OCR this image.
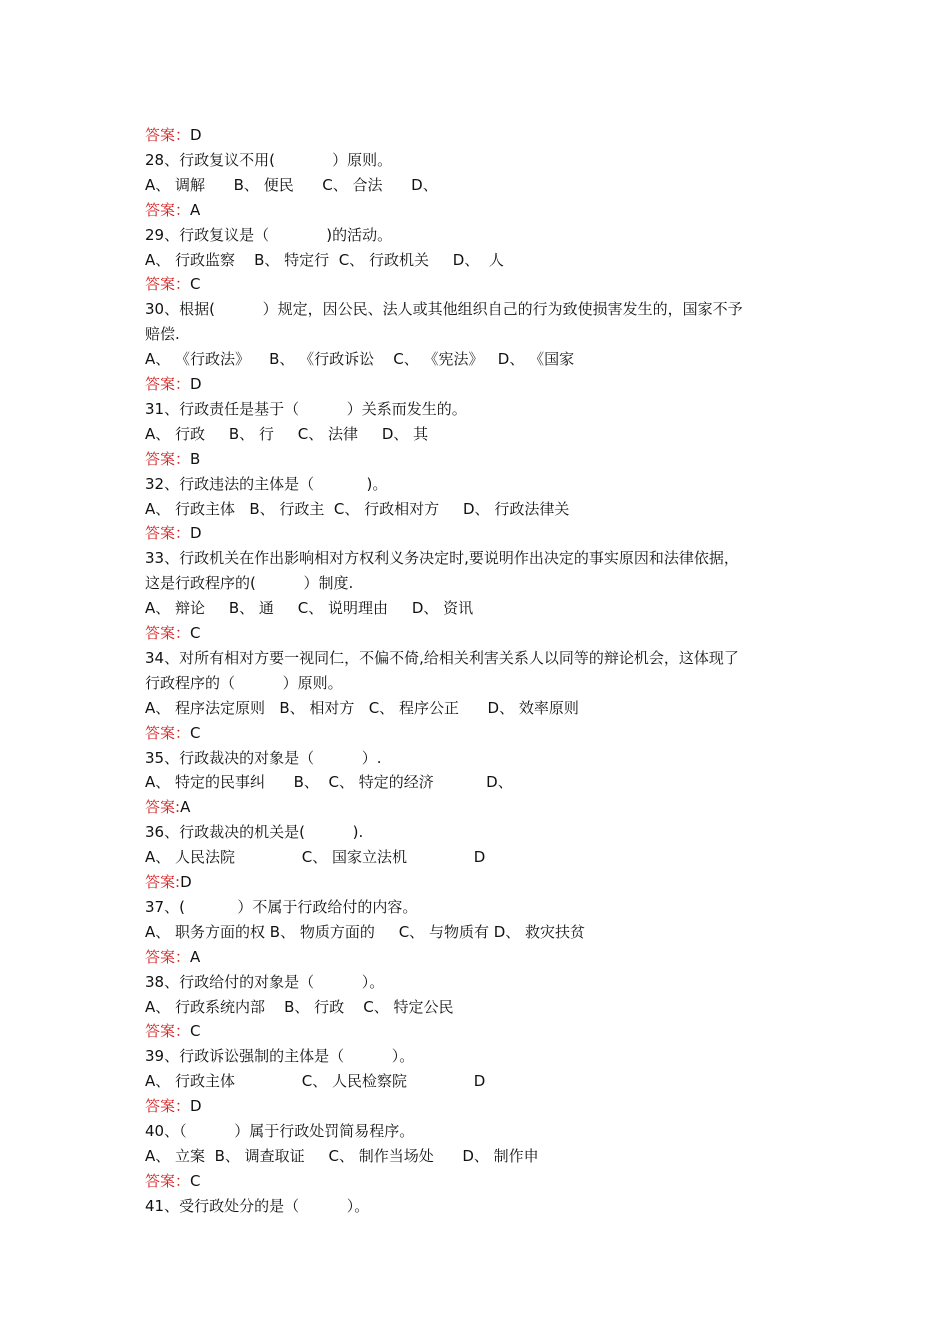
答案：D
28、行政复议不用(            ）原则。
A、 调解      B、 便民      C、 合法      D、
答案：A
29、行政复议是（            )的活动。
A、 行政监察    B、 特定行  C、 行政机关     D、  人
答案：C
30、根据(          ）规定，因公民、法人或其他组织自己的行为致使损害发生的，国家不予
赔偿.
A、 《行政法》    B、 《行政诉讼    C、 《宪法》   D、 《国家
答案：D
31、行政责任是基于（          ）关系而发生的。
A、 行政     B、 行     C、 法律     D、 其
答案：B
32、行政违法的主体是（           )。
A、 行政主体   B、 行政主  C、 行政相对方     D、 行政法律关
答案：D
33、行政机关在作出影响相对方权利义务决定时,要说明作出决定的事实原因和法律依据，
这是行政程序的(          ）制度.
A、 辩论     B、 通     C、 说明理由     D、 资讯
答案：C
34、对所有相对方要一视同仁，不偏不倚,给相关利害关系人以同等的辩论机会，这体现了
行政程序的（          ）原则。
A、 程序法定原则   B、 相对方   C、 程序公正      D、 效率原则
答案：C
35、行政裁决的对象是（          ）.
A、 特定的民事纠      B、  C、 特定的经济           D、
答案:A
36、行政裁决的机关是(          ).
A、 人民法院              C、 国家立法机              D
答案:D
37、(           ）不属于行政给付的内容。
A、 职务方面的权 B、 物质方面的     C、 与物质有 D、 救灾扶贫
答案：A
38、行政给付的对象是（          ）。
A、 行政系统内部    B、 行政    C、 特定公民
答案：C
39、行政诉讼强制的主体是（          ）。
A、 行政主体              C、 人民检察院              D
答案：D
40、（          ）属于行政处罚简易程序。
A、 立案  B、 调查取证     C、 制作当场处      D、 制作申
答案：C
41、受行政处分的是（          ）。
